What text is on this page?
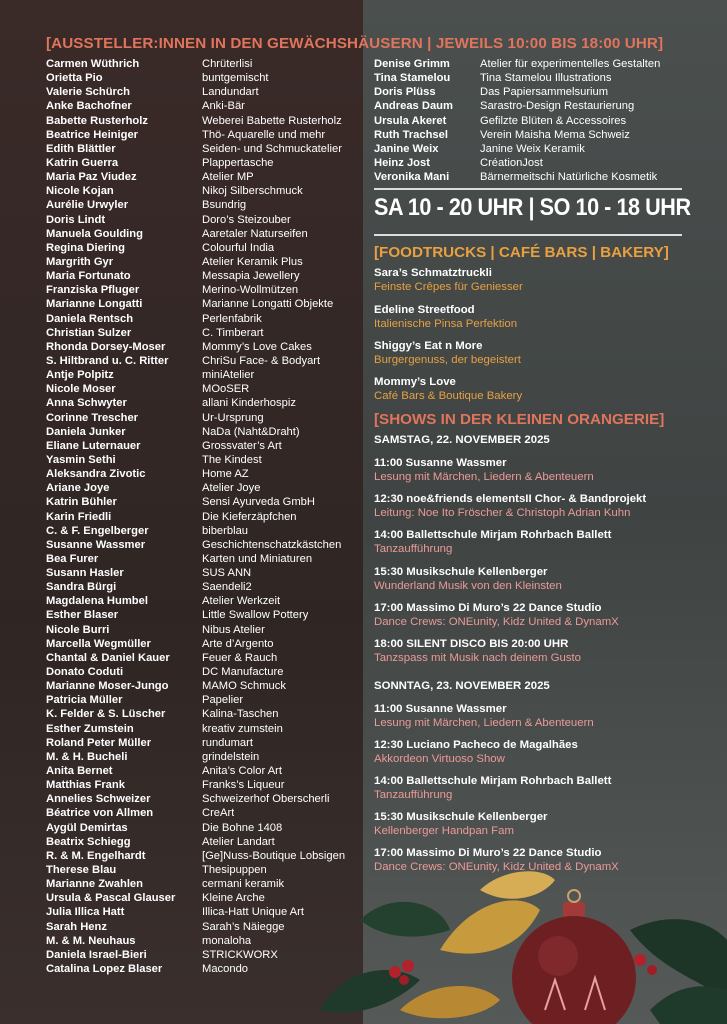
[AUSSTELLER:INNEN IN DEN GEWÄCHSHÄUSERN | JEWEILS 10:00 BIS 18:00 UHR]
Carmen Wüthrich	Chrüterlisi
Orietta Pio	buntgemischt
Valerie Schürch	Landundart
Anke Bachofner	Anki-Bär
Babette Rusterholz	Weberei Babette Rusterholz
Beatrice Heiniger	Thö- Aquarelle und mehr
Edith Blättler	Seiden- und Schmuckatelier
Katrin Guerra	Plappertasche
Maria Paz Viudez	Atelier MP
Nicole Kojan	Nikoj Silberschmuck
Aurélie Urwyler	Bsundrig
Doris Lindt	Doro’s Steizouber
Manuela Goulding	Aaretaler Naturseifen
Regina Diering	Colourful India
Margrith Gyr	Atelier Keramik Plus
Maria Fortunato	Messapia Jewellery
Franziska Pfluger	Merino-Wollmützen
Marianne Longatti	Marianne Longatti Objekte
Daniela Rentsch	Perlenfabrik
Christian Sulzer	C. Timberart
Rhonda Dorsey-Moser	Mommy’s Love Cakes
S. Hiltbrand u. C. Ritter	ChriSu Face- & Bodyart
Antje Polpitz	miniAtelier
Nicole Moser	MOoSER
Anna Schwyter	allani Kinderhospiz
Corinne Trescher	Ur-Ursprung
Daniela Junker	NaDa (Naht&Draht)
Eliane Luternauer	Grossvater’s Art
Yasmin Sethi	The Kindest
Aleksandra Zivotic	Home AZ
Ariane Joye	Atelier Joye
Katrin Bühler	Sensi Ayurveda GmbH
Karin Friedli	Die Kieferzäpfchen
C. & F. Engelberger	biberblau
Susanne Wassmer	Geschichtenschatzkästchen
Bea Furer	Karten und Miniaturen
Susann Hasler	SUS ANN
Sandra Bürgi	Saendeli2
Magdalena Humbel	Atelier Werkzeit
Esther Blaser	Little Swallow Pottery
Nicole Burri	Nibus Atelier
Marcella Wegmüller	Arte d’Argento
Chantal & Daniel Kauer	Feuer & Rauch
Donato Coduti	DC Manufacture
Marianne Moser-Jungo	MAMO Schmuck
Patricia Müller	Papelier
K. Felder & S. Lüscher	Kalina-Taschen
Esther Zumstein	kreativ zumstein
Roland Peter Müller	rundumart
M. & H. Bucheli	grindelstein
Anita Bernet	Anita’s Color Art
Matthias Frank	Franks’s Liqueur
Annelies Schweizer	Schweizerhof Oberscherli
Béatrice von Allmen	CreArt
Aygül Demirtas	Die Bohne 1408
Beatrix Schiegg	Atelier Landart
R. & M. Engelhardt	[Ge]Nuss-Boutique Lobsigen
Therese Blau	Thesipuppen
Marianne Zwahlen	cermani keramik
Ursula & Pascal Glauser	Kleine Arche
Julia Illica Hatt	Illica-Hatt Unique Art
Sarah Henz	Sarah’s Näiegge
M. & M. Neuhaus	monaloha
Daniela Israel-Bieri	STRICKWORX
Catalina Lopez Blaser	Macondo
Denise Grimm	Atelier für experimentelles Gestalten
Tina Stamelou	Tina Stamelou Illustrations
Doris Plüss	Das Papiersammelsurium
Andreas Daum	Sarastro-Design Restaurierung
Ursula Akeret	Gefilzte Blüten & Accessoires
Ruth Trachsel	Verein Maisha Mema Schweiz
Janine Weix	Janine Weix Keramik
Heinz Jost	CréationJost
Veronika Mani	Bärnermeitschi Natürliche Kosmetik
SA 10 - 20 UHR | SO 10 - 18 UHR
[FOODTRUCKS | CAFÉ BARS | BAKERY]
Sara’s Schmatztruckli
Feinste Crêpes für Geniesser
Edeline Streetfood
Italienische Pinsa Perfektion
Shiggy’s Eat n More
Burgergenuss, der begeistert
Mommy’s Love
Café Bars & Boutique Bakery
[SHOWS IN DER KLEINEN ORANGERIE]
SAMSTAG, 22. NOVEMBER 2025
11:00 Susanne Wassmer
Lesung mit Märchen, Liedern & Abenteuern
12:30 noe&friends elementsII Chor- & Bandprojekt
Leitung: Noe Ito Fröscher & Christoph Adrian Kuhn
14:00 Ballettschule Mirjam Rohrbach Ballett
Tanzaufführung
15:30 Musikschule Kellenberger
Wunderland Musik von den Kleinsten
17:00 Massimo Di Muro’s 22 Dance Studio
Dance Crews: ONEunity, Kidz United & DynamX
18:00 SILENT DISCO BIS 20:00 UHR
Tanzspass mit Musik nach deinem Gusto
SONNTAG, 23. NOVEMBER 2025
11:00 Susanne Wassmer
Lesung mit Märchen, Liedern & Abenteuern
12:30 Luciano Pacheco de Magalhães
Akkordeon Virtuoso Show
14:00 Ballettschule Mirjam Rohrbach Ballett
Tanzaufführung
15:30 Musikschule Kellenberger
Kellenberger Handpan Fam
17:00 Massimo Di Muro’s 22 Dance Studio
Dance Crews: ONEunity, Kidz United & DynamX
